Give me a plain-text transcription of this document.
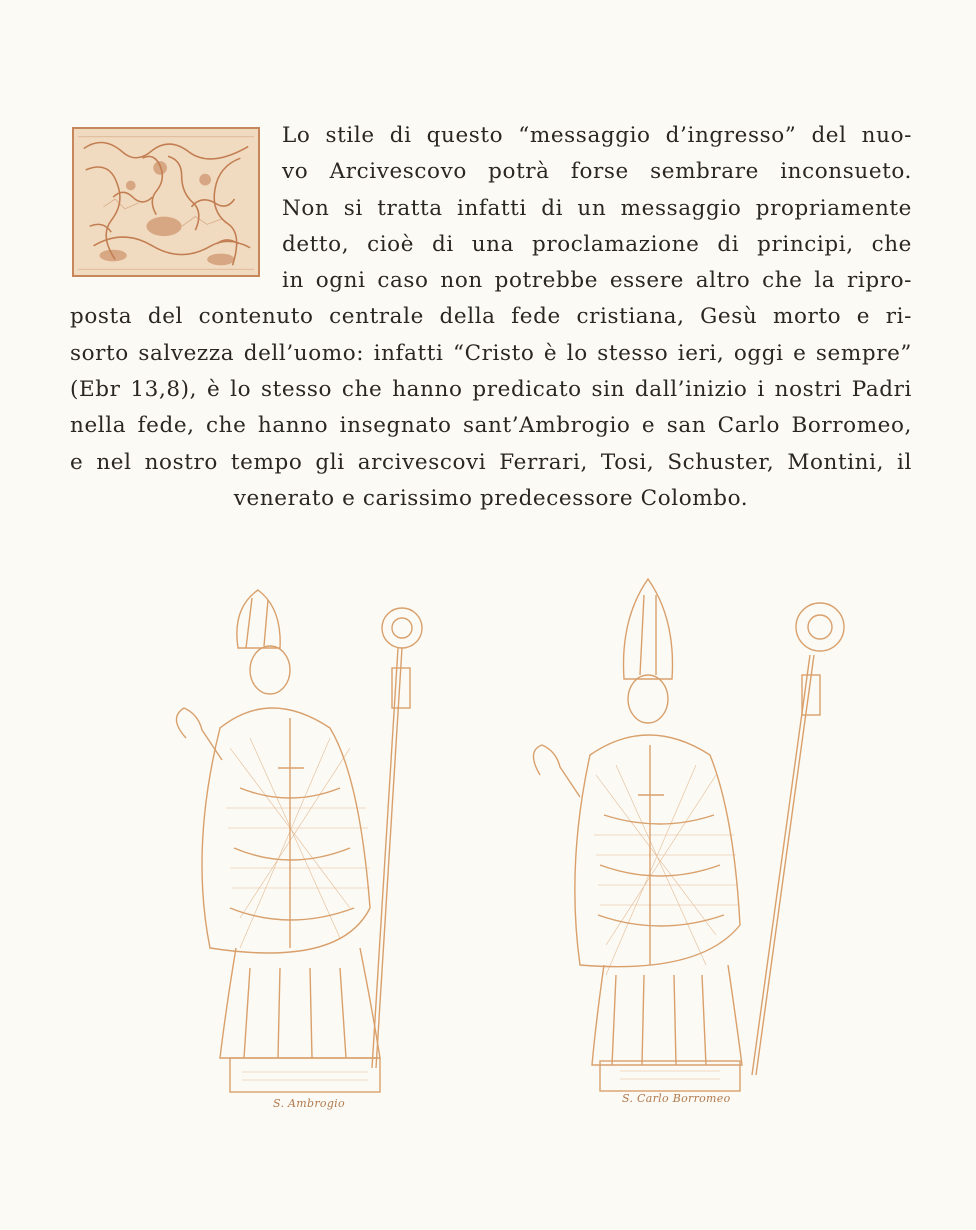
Lo stile di questo “messaggio d’ingresso” del nuo-
vo Arcivescovo potrà forse sembrare inconsueto.
Non si tratta infatti di un messaggio propriamente
detto, cioè di una proclamazione di principi, che
in ogni caso non potrebbe essere altro che la ripro-
posta del contenuto centrale della fede cristiana, Gesù morto e ri-
sorto salvezza dell’uomo: infatti “Cristo è lo stesso ieri, oggi e sempre”
(Ebr 13,8), è lo stesso che hanno predicato sin dall’inizio i nostri Padri
nella fede, che hanno insegnato sant’Ambrogio e san Carlo Borromeo,
e nel nostro tempo gli arcivescovi Ferrari, Tosi, Schuster, Montini, il
venerato e carissimo predecessore Colombo.
S. Ambrogio	S. Carlo Borromeo
